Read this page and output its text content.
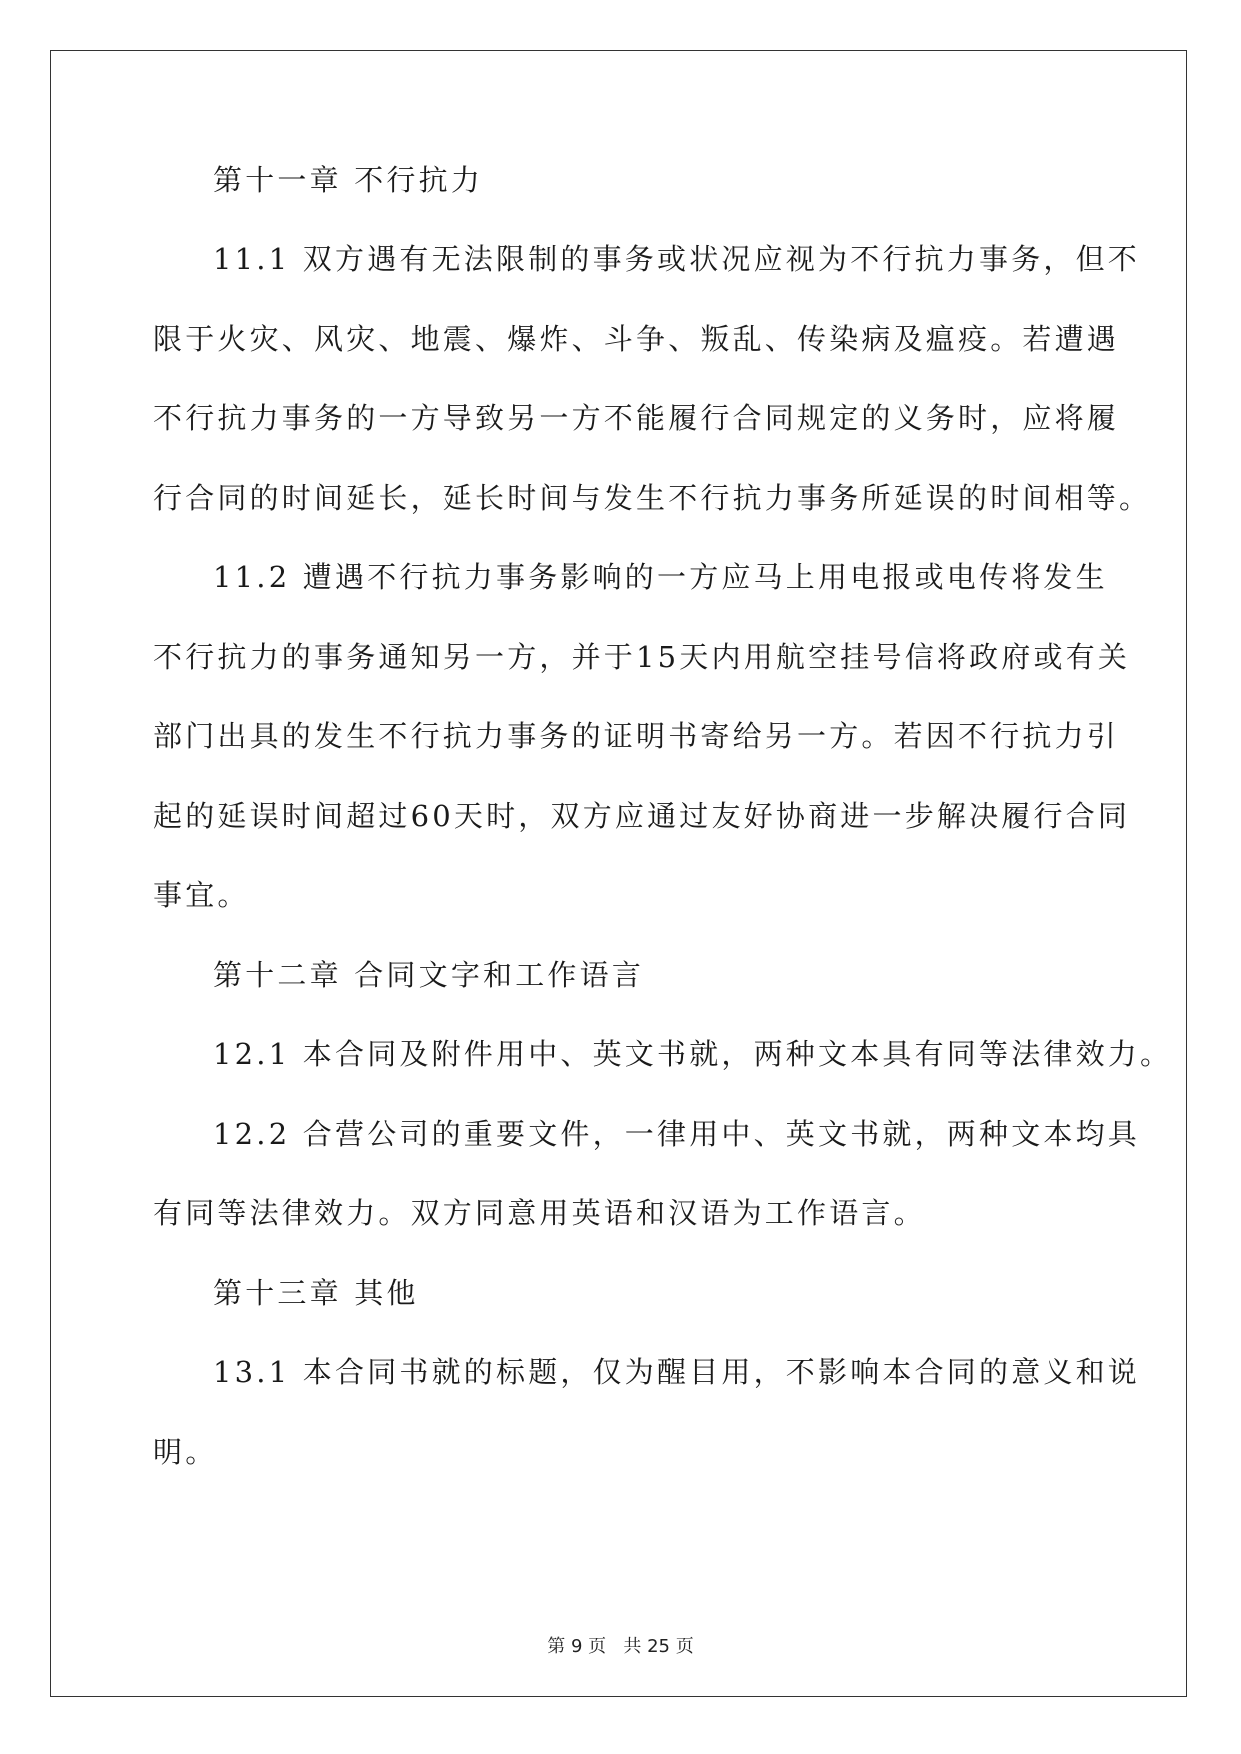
第十一章 不行抗力
11.1 双方遇有无法限制的事务或状况应视为不行抗力事务，但不
限于火灾、风灾、地震、爆炸、斗争、叛乱、传染病及瘟疫。若遭遇
不行抗力事务的一方导致另一方不能履行合同规定的义务时，应将履
行合同的时间延长，延长时间与发生不行抗力事务所延误的时间相等。
11.2 遭遇不行抗力事务影响的一方应马上用电报或电传将发生
不行抗力的事务通知另一方，并于15天内用航空挂号信将政府或有关
部门出具的发生不行抗力事务的证明书寄给另一方。若因不行抗力引
起的延误时间超过60天时，双方应通过友好协商进一步解决履行合同
事宜。
第十二章 合同文字和工作语言
12.1 本合同及附件用中、英文书就，两种文本具有同等法律效力。
12.2 合营公司的重要文件，一律用中、英文书就，两种文本均具
有同等法律效力。双方同意用英语和汉语为工作语言。
第十三章 其他
13.1 本合同书就的标题，仅为醒目用，不影响本合同的意义和说
明。
第 9 页   共 25 页
